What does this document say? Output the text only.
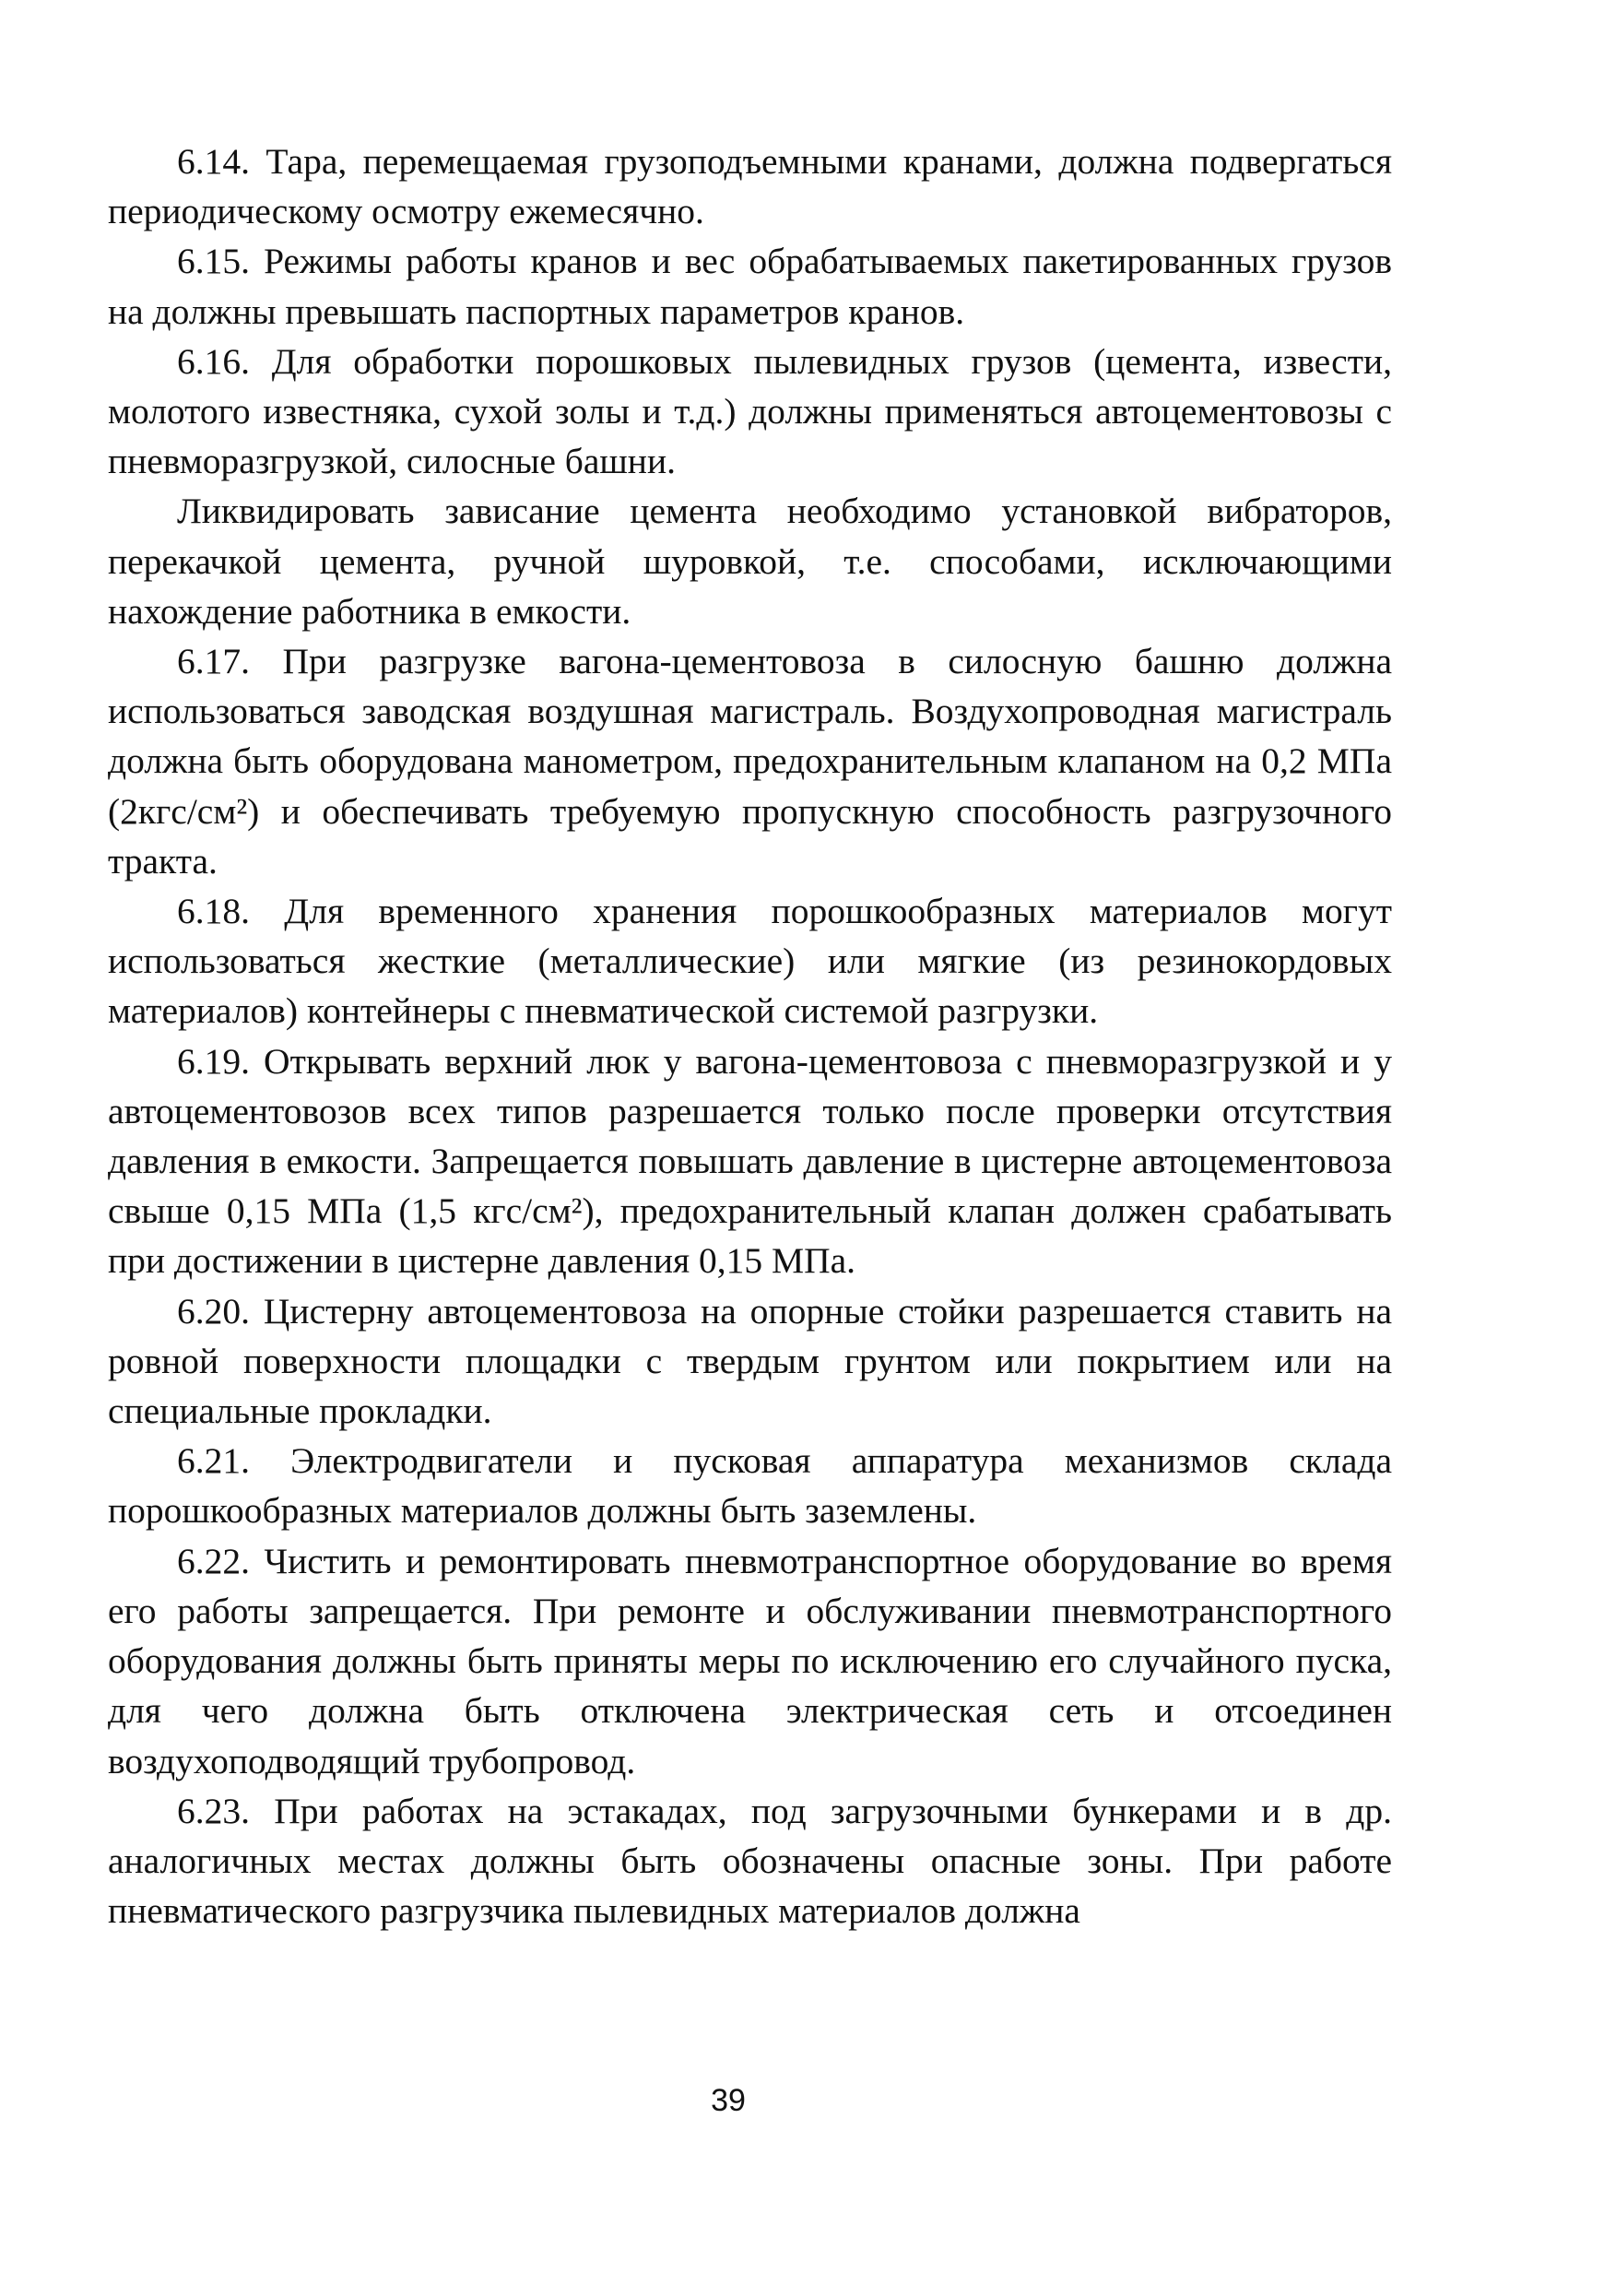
6.14. Тара, перемещаемая грузоподъемными кранами, должна подвергаться периодическому осмотру ежемесячно.

6.15. Режимы работы кранов и вес обрабатываемых пакетированных грузов на должны превышать паспортных параметров кранов.

6.16. Для обработки порошковых пылевидных грузов (цемента, извести, молотого известняка, сухой золы и т.д.) должны применяться автоцементовозы с пневморазгрузкой, силосные башни.

Ликвидировать зависание цемента необходимо установкой вибраторов, перекачкой цемента, ручной шуровкой, т.е. способами, исключающими нахождение работника в емкости.

6.17. При разгрузке вагона-цементовоза в силосную башню должна использоваться заводская воздушная магистраль. Воздухопроводная магистраль должна быть оборудована манометром, предохранительным клапаном на 0,2 МПа (2кгс/см²) и обеспечивать требуемую пропускную способность разгрузочного тракта.

6.18. Для временного хранения порошкообразных материалов могут использоваться жесткие (металлические) или мягкие (из резинокордовых материалов) контейнеры с пневматической системой разгрузки.

6.19. Открывать верхний люк у вагона-цементовоза с пневморазгрузкой и у автоцементовозов всех типов разрешается только после проверки отсутствия давления в емкости. Запрещается повышать давление в цистерне автоцементовоза свыше 0,15 МПа (1,5 кгс/см²), предохранительный клапан должен срабатывать при достижении в цистерне давления 0,15 МПа.

6.20. Цистерну автоцементовоза на опорные стойки разрешается ставить на ровной поверхности площадки с твердым грунтом или покрытием или на специальные прокладки.

6.21. Электродвигатели и пусковая аппаратура механизмов склада порошкообразных материалов должны быть заземлены.

6.22. Чистить и ремонтировать пневмотранспортное оборудование во время его работы запрещается. При ремонте и обслуживании пневмотранспортного оборудования должны быть приняты меры по исключению его случайного пуска, для чего должна быть отключена электрическая сеть и отсоединен воздухоподводящий трубопровод.

6.23. При работах на эстакадах, под загрузочными бункерами и в др. аналогичных местах должны быть обозначены опасные зоны. При работе пневматического разгрузчика пылевидных материалов должна

39
